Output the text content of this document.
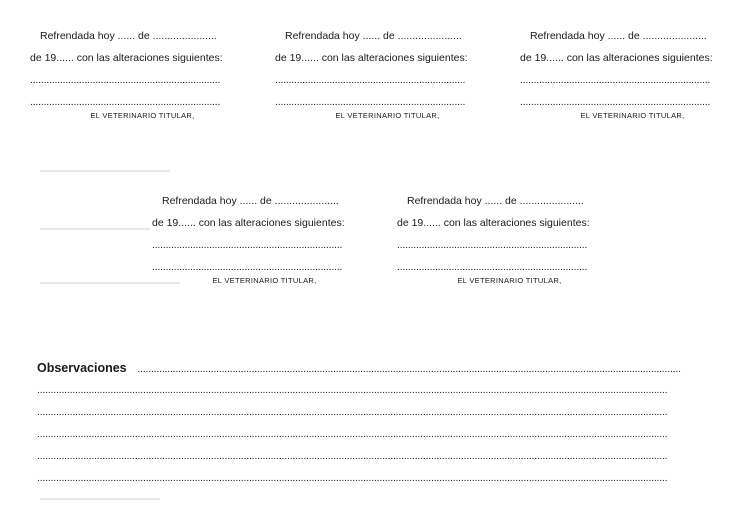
Refrendada hoy ...... de ......................
de 19...... con las alteraciones siguientes:
......................................................................
......................................................................
EL VETERINARIO TITULAR,
Refrendada hoy ...... de ......................
de 19...... con las alteraciones siguientes:
......................................................................
......................................................................
EL VETERINARIO TITULAR,
Refrendada hoy ...... de ......................
de 19...... con las alteraciones siguientes:
......................................................................
......................................................................
EL VETERINARIO TITULAR,
Refrendada hoy ...... de ......................
de 19...... con las alteraciones siguientes:
......................................................................
......................................................................
EL VETERINARIO TITULAR,
Refrendada hoy ...... de ......................
de 19...... con las alteraciones siguientes:
......................................................................
......................................................................
EL VETERINARIO TITULAR,
Observaciones ........................................................................................................................................................................................................
........................................................................................................................................................................................................................................
........................................................................................................................................................................................................................................
........................................................................................................................................................................................................................................
........................................................................................................................................................................................................................................
........................................................................................................................................................................................................................................
